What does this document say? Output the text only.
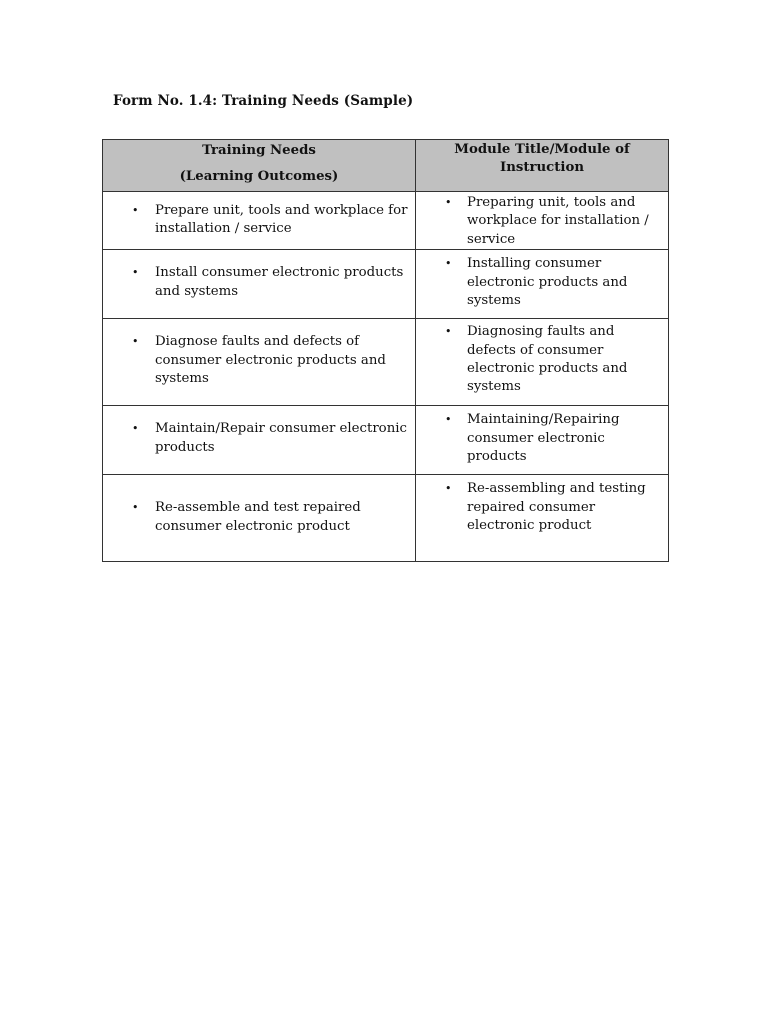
Form No. 1.4: Training Needs (Sample)
Training Needs
(Learning Outcomes)	Module Title/Module of Instruction

• Prepare unit, tools and workplace for installation / service	• Preparing unit, tools and workplace for installation / service

• Install consumer electronic products and systems	• Installing consumer electronic products and systems

• Diagnose faults and defects of consumer electronic products and systems	• Diagnosing faults and defects of consumer electronic products and systems

• Maintain/Repair consumer electronic products	• Maintaining/Repairing consumer electronic products

• Re-assemble and test repaired consumer electronic product	• Re-assembling and testing repaired consumer electronic product
